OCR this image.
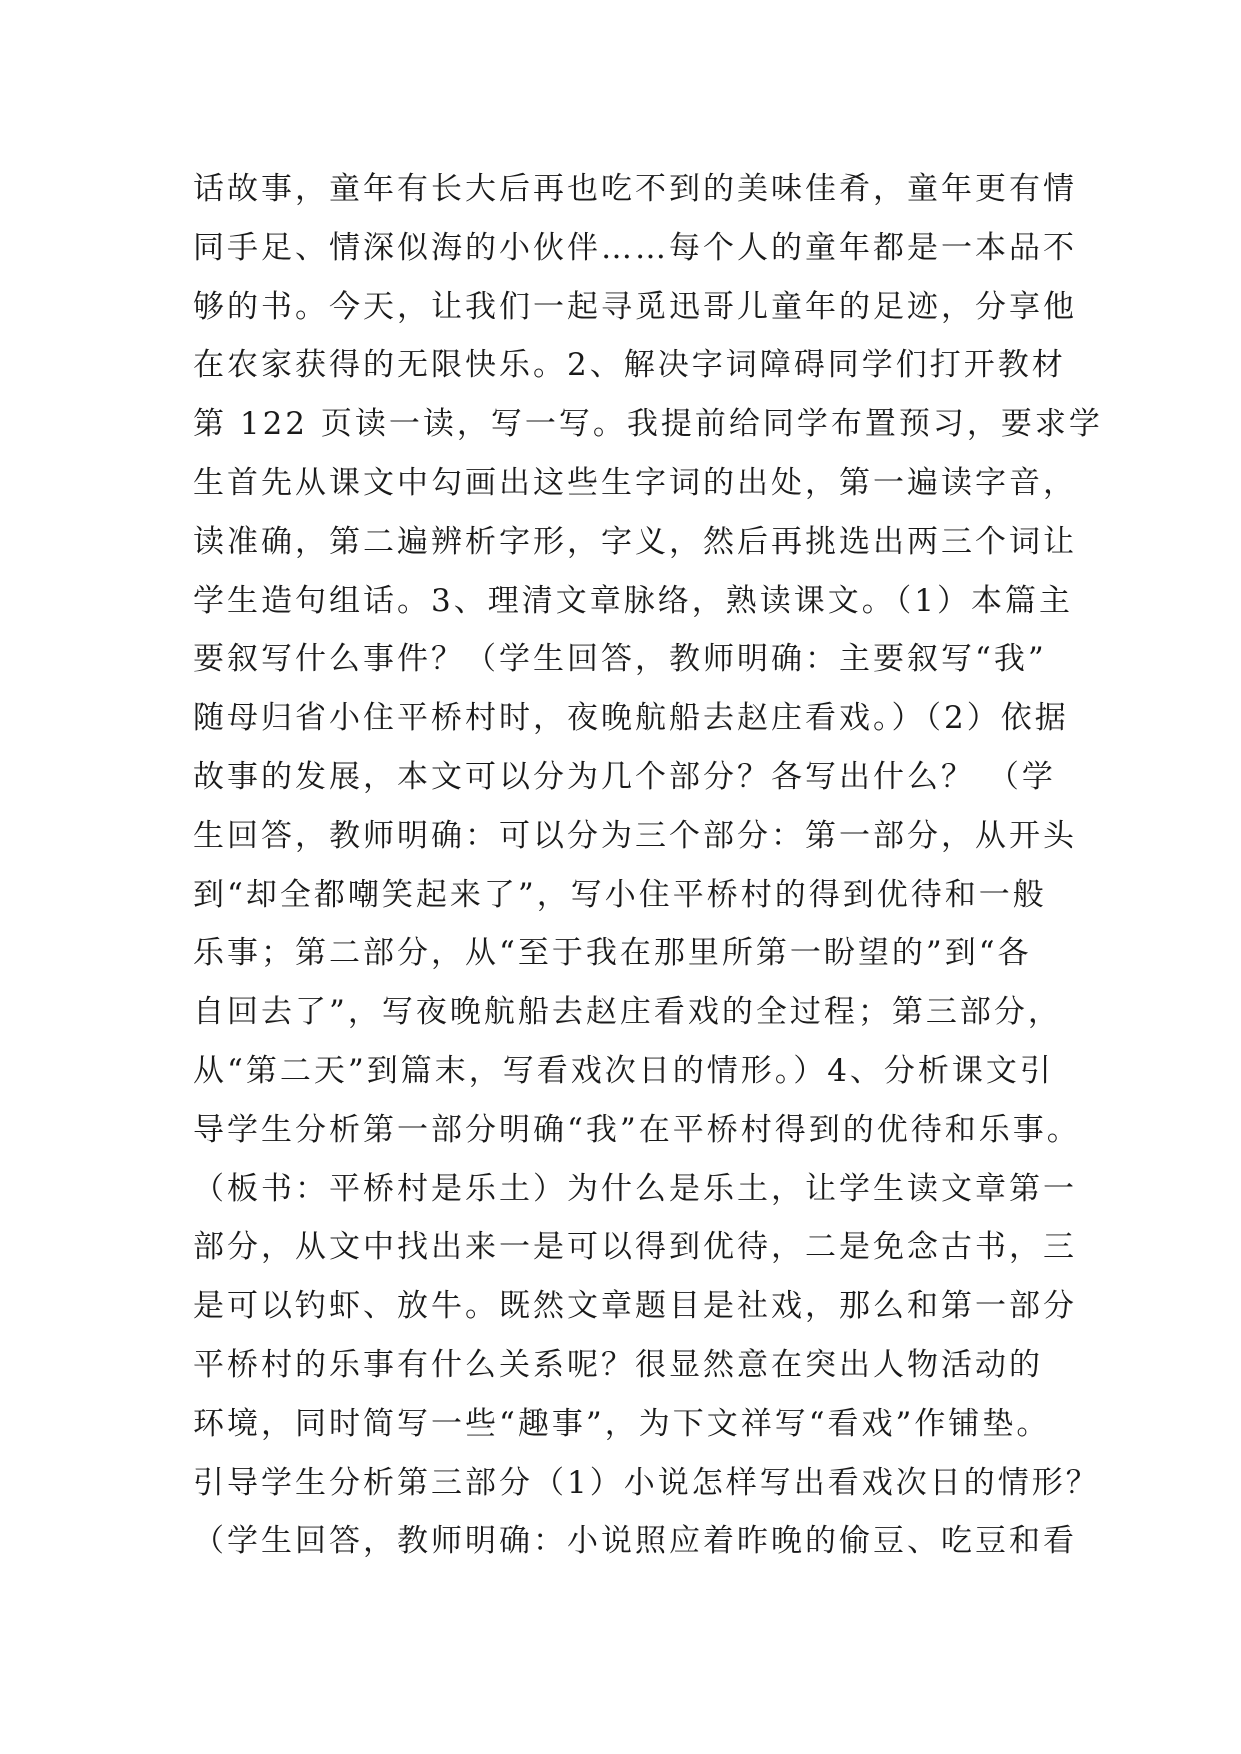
话故事，童年有长大后再也吃不到的美味佳肴，童年更有情
同手足、情深似海的小伙伴……每个人的童年都是一本品不
够的书。今天，让我们一起寻觅迅哥儿童年的足迹，分享他
在农家获得的无限快乐。2、解决字词障碍同学们打开教材
第 122 页读一读，写一写。我提前给同学布置预习，要求学
生首先从课文中勾画出这些生字词的出处，第一遍读字音，
读准确，第二遍辨析字形，字义，然后再挑选出两三个词让
学生造句组话。3、理清文章脉络，熟读课文。（1）本篇主
要叙写什么事件？（学生回答，教师明确：主要叙写“我”
随母归省小住平桥村时，夜晚航船去赵庄看戏。）（2）依据
故事的发展，本文可以分为几个部分？各写出什么？ （学
生回答，教师明确：可以分为三个部分：第一部分，从开头
到“却全都嘲笑起来了”，写小住平桥村的得到优待和一般
乐事；第二部分，从“至于我在那里所第一盼望的”到“各
自回去了”，写夜晚航船去赵庄看戏的全过程；第三部分，
从“第二天”到篇末，写看戏次日的情形。）4、分析课文引
导学生分析第一部分明确“我”在平桥村得到的优待和乐事。
（板书：平桥村是乐土）为什么是乐土，让学生读文章第一
部分，从文中找出来一是可以得到优待，二是免念古书，三
是可以钓虾、放牛。既然文章题目是社戏，那么和第一部分
平桥村的乐事有什么关系呢？很显然意在突出人物活动的
环境，同时简写一些“趣事”，为下文祥写“看戏”作铺垫。
引导学生分析第三部分（1）小说怎样写出看戏次日的情形？
（学生回答，教师明确：小说照应着昨晚的偷豆、吃豆和看
